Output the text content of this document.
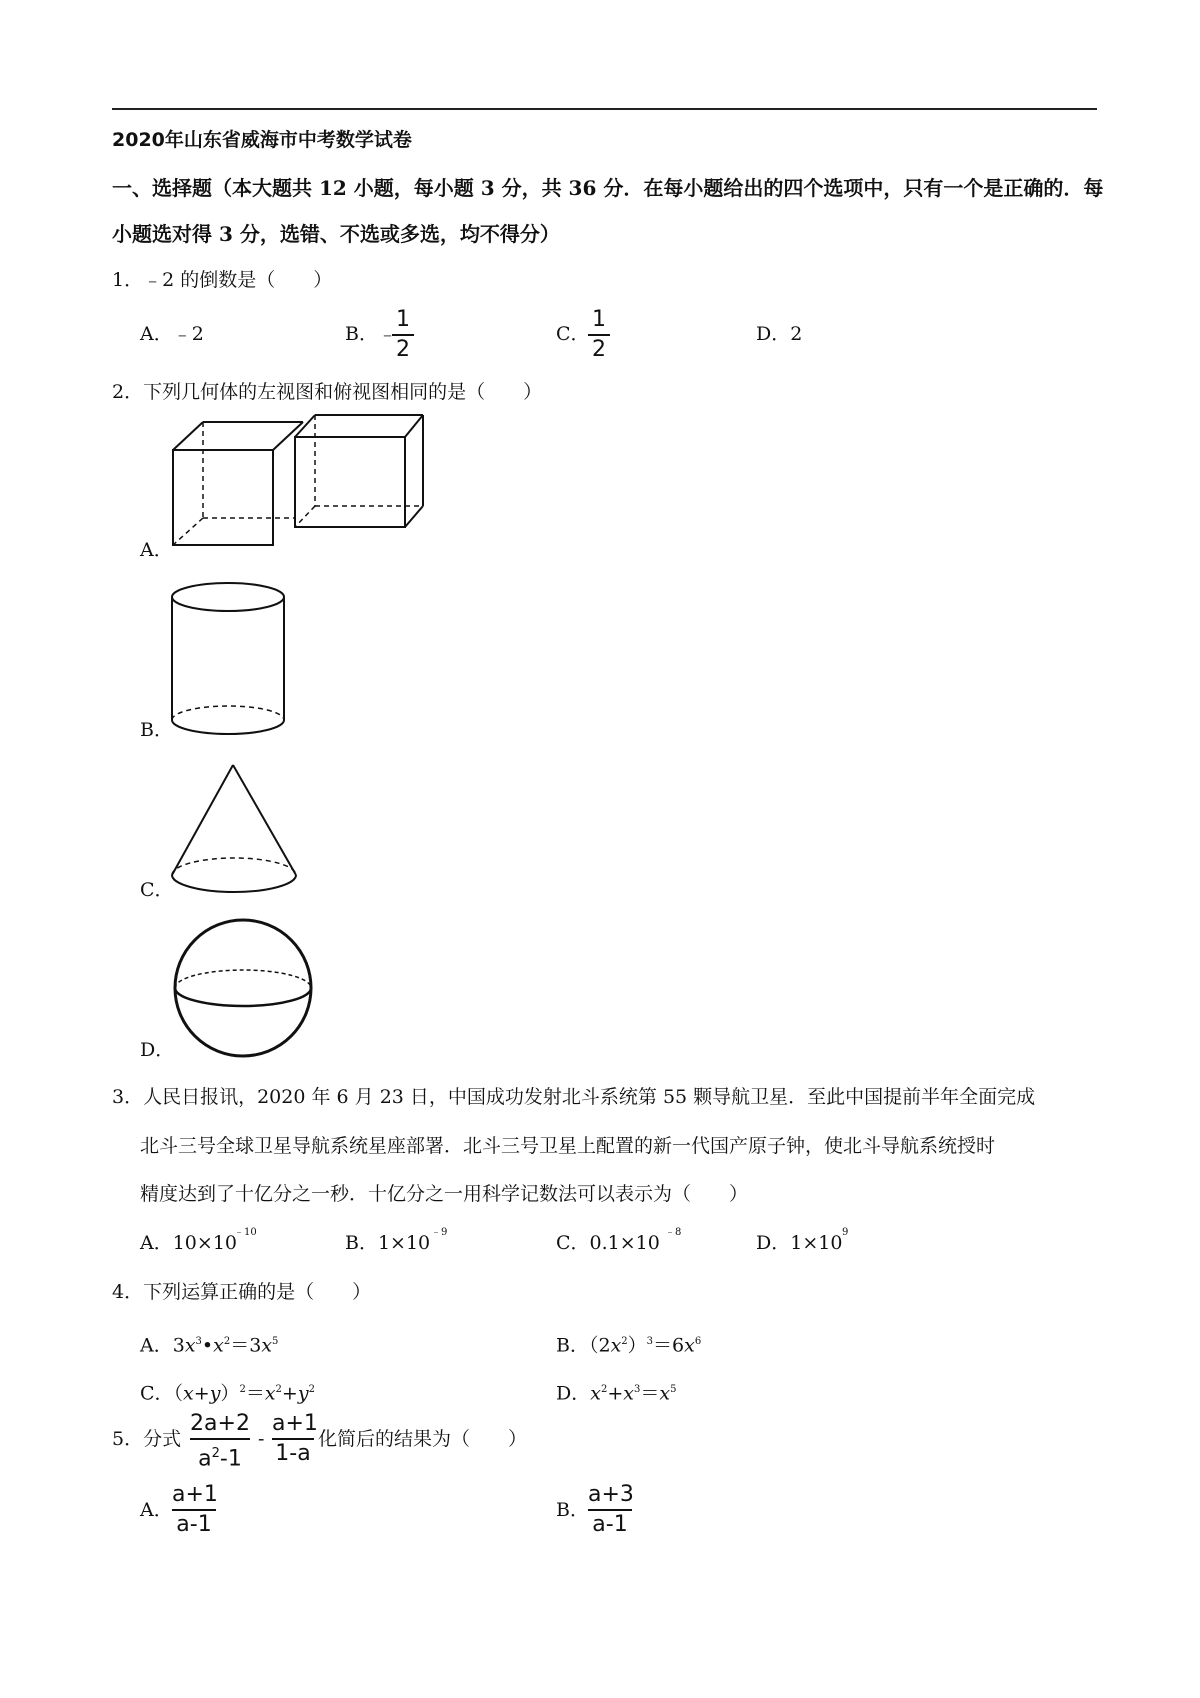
2020年山东省威海市中考数学试卷
一、选择题（本大题共 12 小题，每小题 3 分，共 36 分．在每小题给出的四个选项中，只有一个是正确的．每
小题选对得 3 分，选错、不选或多选，均不得分）
1．﹣2 的倒数是（　　）
A．﹣2	B．﹣
1
2
C．
1
2
D．2
2．下列几何体的左视图和俯视图相同的是（　　）
A．
B．
C．
D．
3．人民日报讯，2020 年 6 月 23 日，中国成功发射北斗系统第 55 颗导航卫星．至此中国提前半年全面完成
北斗三号全球卫星导航系统星座部署．北斗三号卫星上配置的新一代国产原子钟，使北斗导航系统授时
精度达到了十亿分之一秒．十亿分之一用科学记数法可以表示为（　　）
A．10×10
﹣10	B．1×10 ﹣9	C．0.1×10 ﹣8	D．1×10 9
4．下列运算正确的是（　　）
A．$3x^3•x^2=3x^5$	B．$(2x^2)^3=6x^6$
C．$(x+y)^2=x^2+y^2$	D．$x^2+x^3=x^5$
5．分式
2a+2
$a^2-1$
-
a+1
1-a
化简后的结果为（　　）
A．
a+1
a-1
B．
a+3
a-1
